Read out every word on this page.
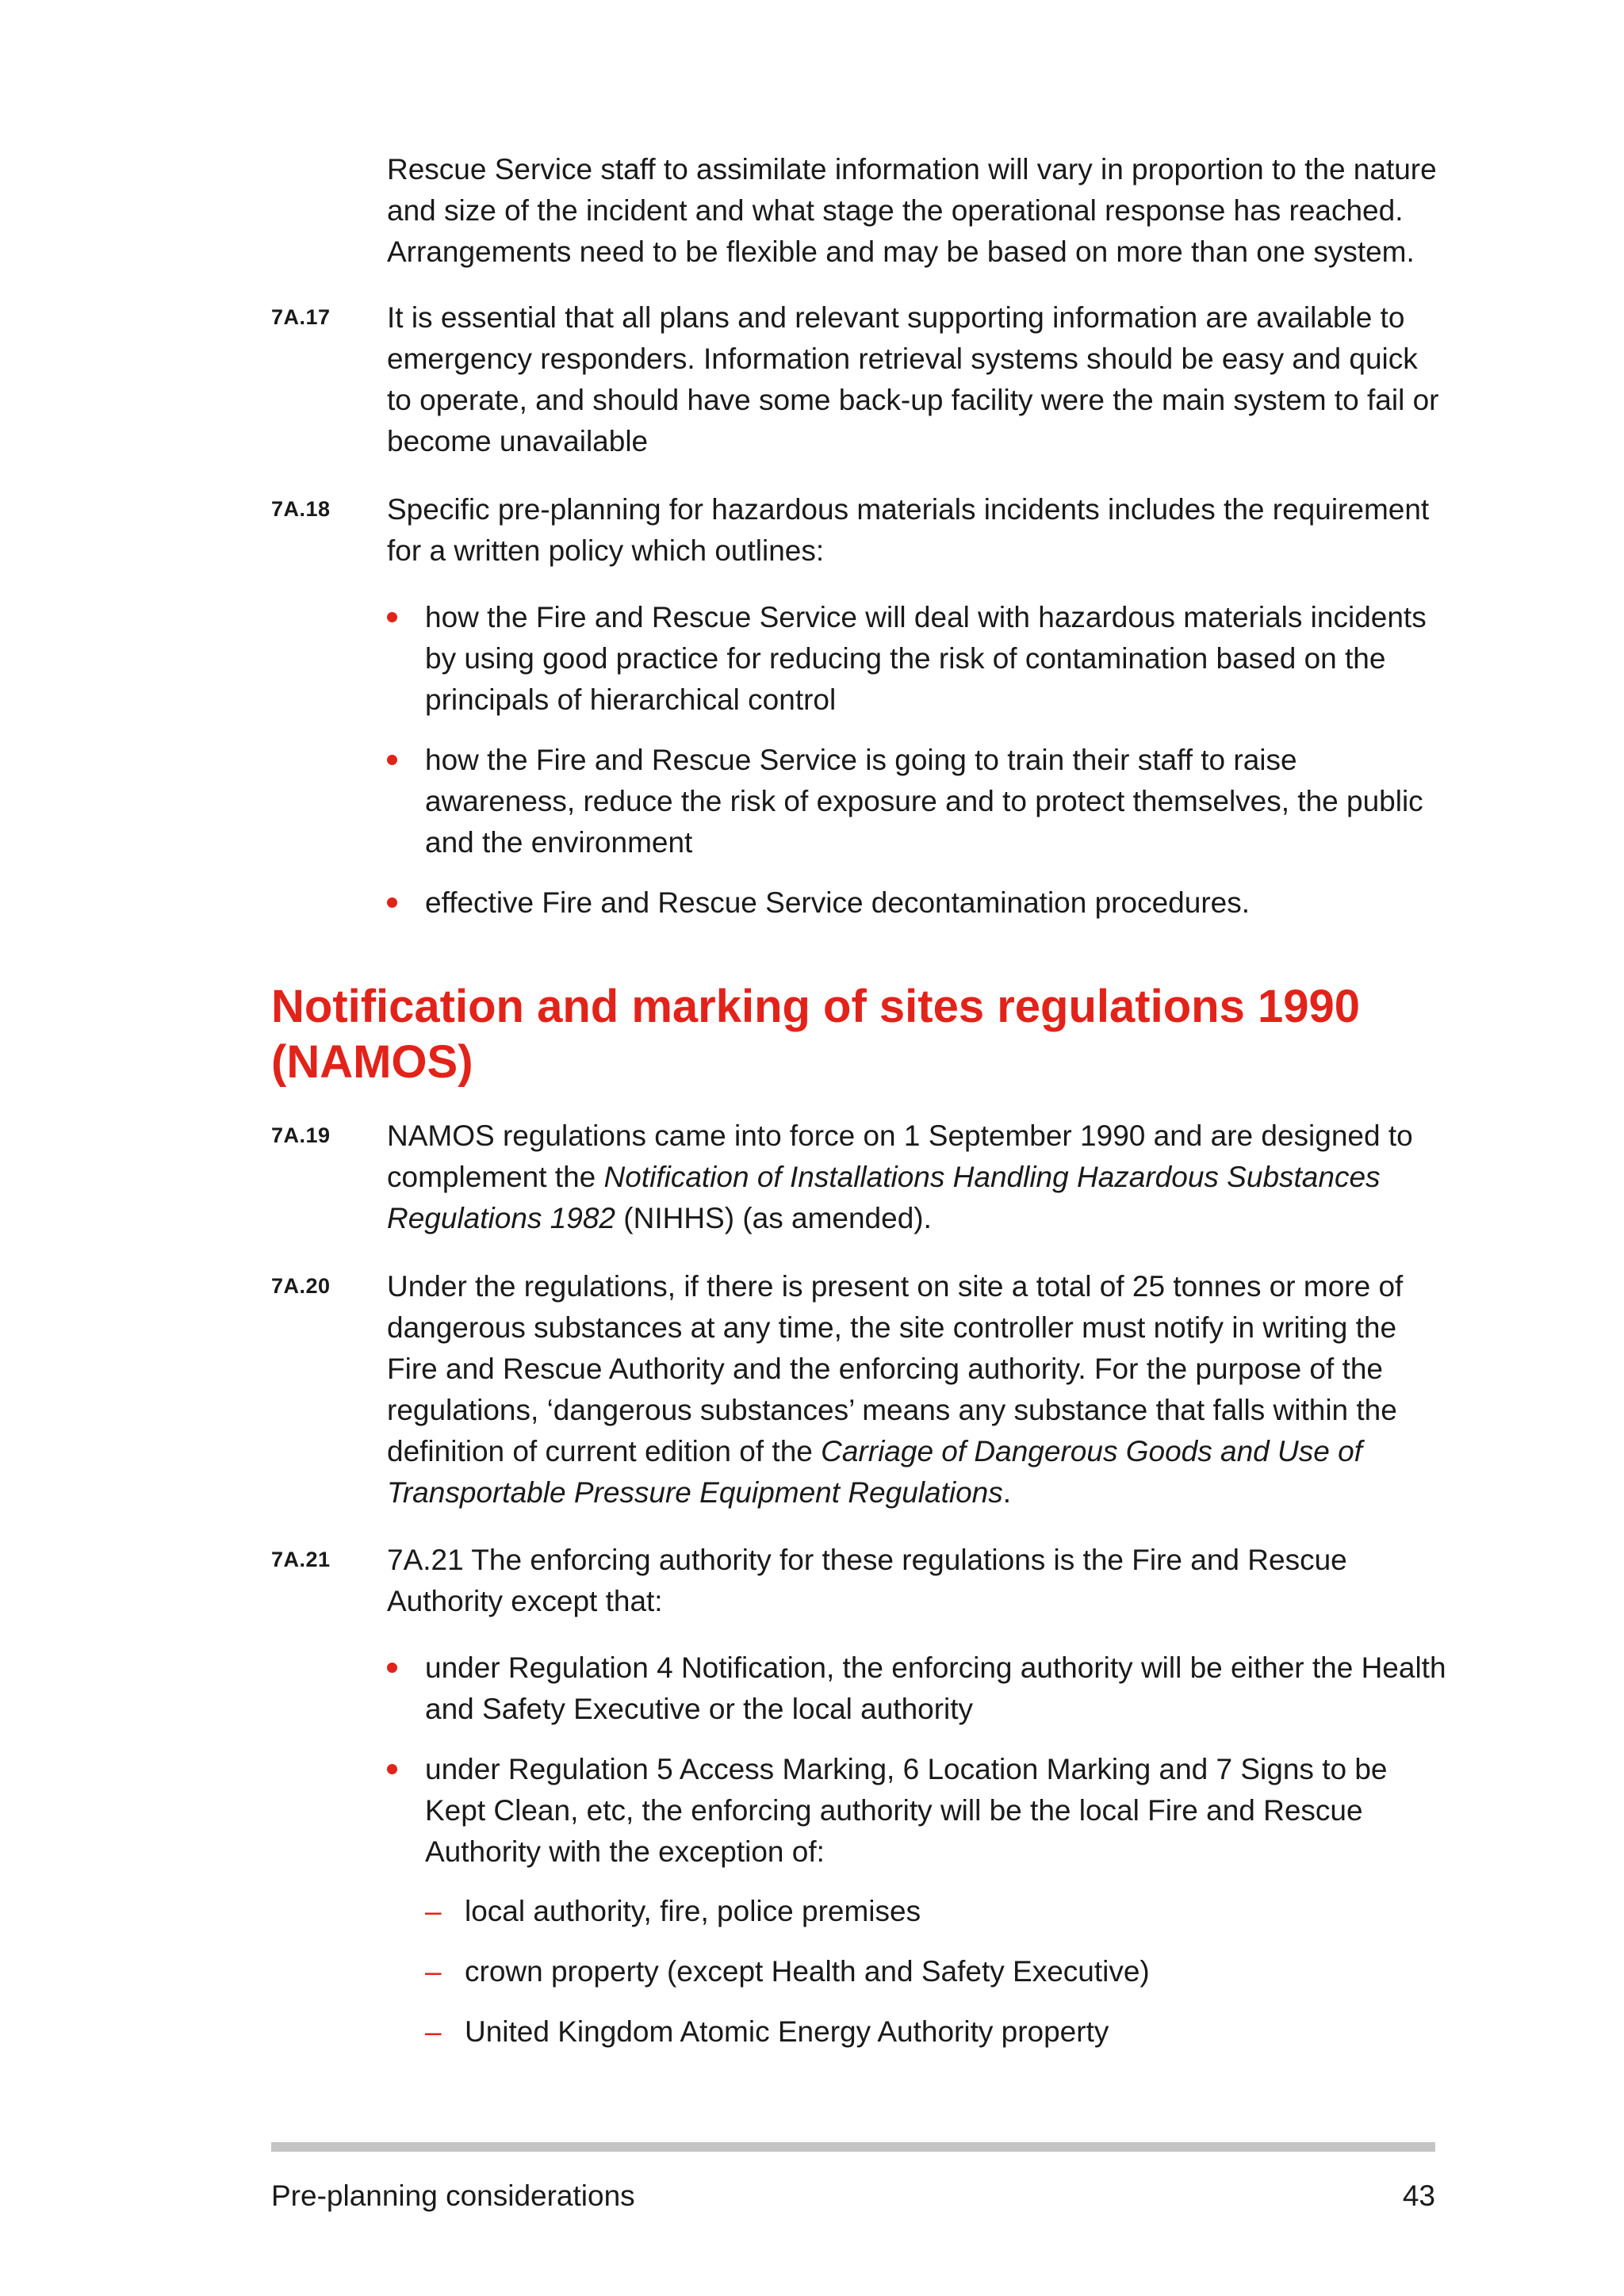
Rescue Service staff to assimilate information will vary in proportion to the nature
and size of the incident and what stage the operational response has reached.
Arrangements need to be flexible and may be based on more than one system.
7A.17 It is essential that all plans and relevant supporting information are available to emergency responders. Information retrieval systems should be easy and quick to operate, and should have some back-up facility were the main system to fail or become unavailable
7A.18 Specific pre-planning for hazardous materials incidents includes the requirement for a written policy which outlines:
how the Fire and Rescue Service will deal with hazardous materials incidents by using good practice for reducing the risk of contamination based on the principals of hierarchical control
how the Fire and Rescue Service is going to train their staff to raise awareness, reduce the risk of exposure and to protect themselves, the public and the environment
effective Fire and Rescue Service decontamination procedures.
Notification and marking of sites regulations 1990
(NAMOS)
7A.19 NAMOS regulations came into force on 1 September 1990 and are designed to complement the Notification of Installations Handling Hazardous Substances Regulations 1982 (NIHHS) (as amended).
7A.20 Under the regulations, if there is present on site a total of 25 tonnes or more of dangerous substances at any time, the site controller must notify in writing the Fire and Rescue Authority and the enforcing authority. For the purpose of the regulations, ‘dangerous substances’ means any substance that falls within the definition of current edition of the Carriage of Dangerous Goods and Use of Transportable Pressure Equipment Regulations.
7A.21 7A.21 The enforcing authority for these regulations is the Fire and Rescue Authority except that:
under Regulation 4 Notification, the enforcing authority will be either the Health and Safety Executive or the local authority
under Regulation 5 Access Marking, 6 Location Marking and 7 Signs to be Kept Clean, etc, the enforcing authority will be the local Fire and Rescue Authority with the exception of:
– local authority, fire, police premises
– crown property (except Health and Safety Executive)
– United Kingdom Atomic Energy Authority property
Pre-planning considerations	43
